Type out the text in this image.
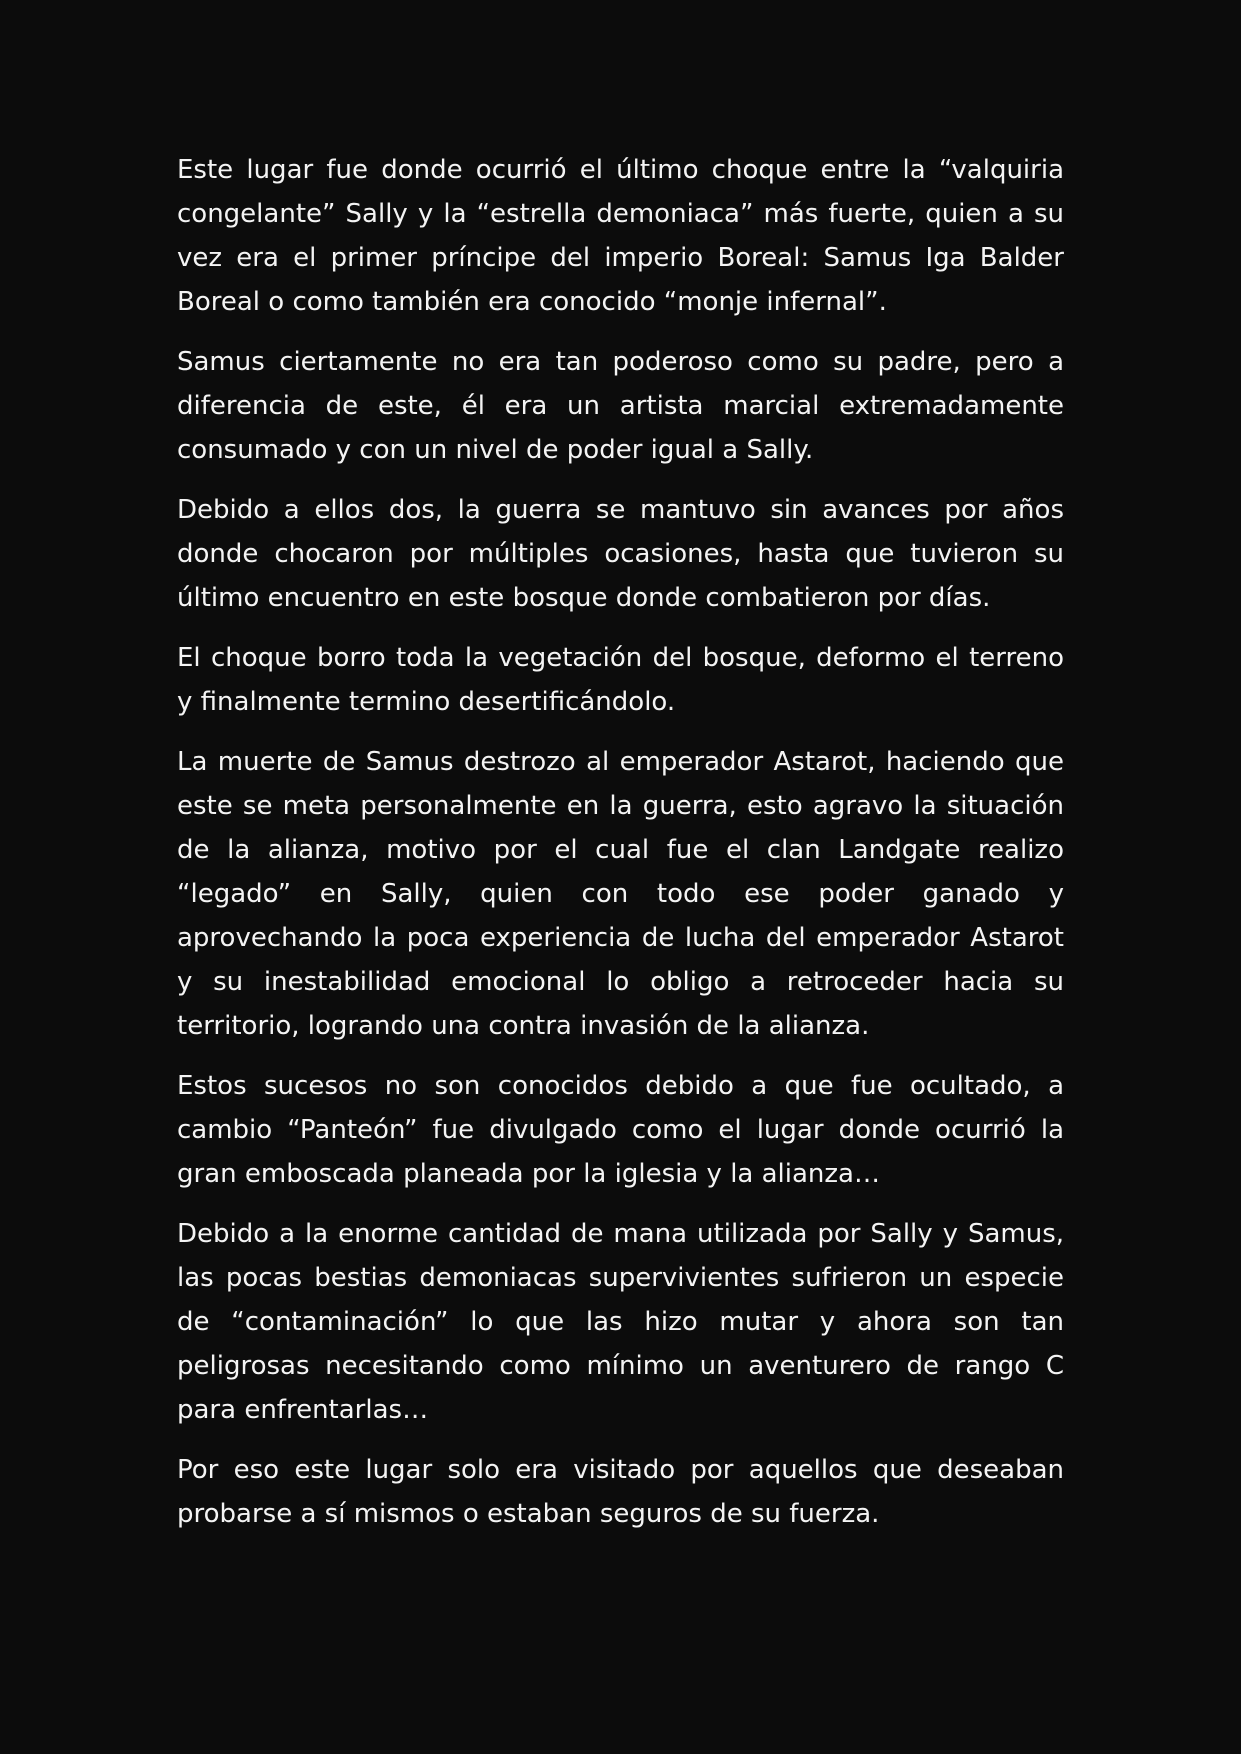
Este lugar fue donde ocurrió el último choque entre la “valquiria congelante” Sally y la “estrella demoniaca” más fuerte, quien a su vez era el primer príncipe del imperio Boreal: Samus Iga Balder Boreal o como también era conocido “monje infernal”.

Samus ciertamente no era tan poderoso como su padre, pero a diferencia de este, él era un artista marcial extremadamente consumado y con un nivel de poder igual a Sally.

Debido a ellos dos, la guerra se mantuvo sin avances por años donde chocaron por múltiples ocasiones, hasta que tuvieron su último encuentro en este bosque donde combatieron por días.

El choque borro toda la vegetación del bosque, deformo el terreno y finalmente termino desertificándolo.

La muerte de Samus destrozo al emperador Astarot, haciendo que este se meta personalmente en la guerra, esto agravo la situación de la alianza, motivo por el cual fue el clan Landgate realizo “legado” en Sally, quien con todo ese poder ganado y aprovechando la poca experiencia de lucha del emperador Astarot y su inestabilidad emocional lo obligo a retroceder hacia su territorio, logrando una contra invasión de la alianza.

Estos sucesos no son conocidos debido a que fue ocultado, a cambio “Panteón” fue divulgado como el lugar donde ocurrió la gran emboscada planeada por la iglesia y la alianza…

Debido a la enorme cantidad de mana utilizada por Sally y Samus, las pocas bestias demoniacas supervivientes sufrieron un especie de “contaminación” lo que las hizo mutar y ahora son tan peligrosas necesitando como mínimo un aventurero de rango C para enfrentarlas…

Por eso este lugar solo era visitado por aquellos que deseaban probarse a sí mismos o estaban seguros de su fuerza.
